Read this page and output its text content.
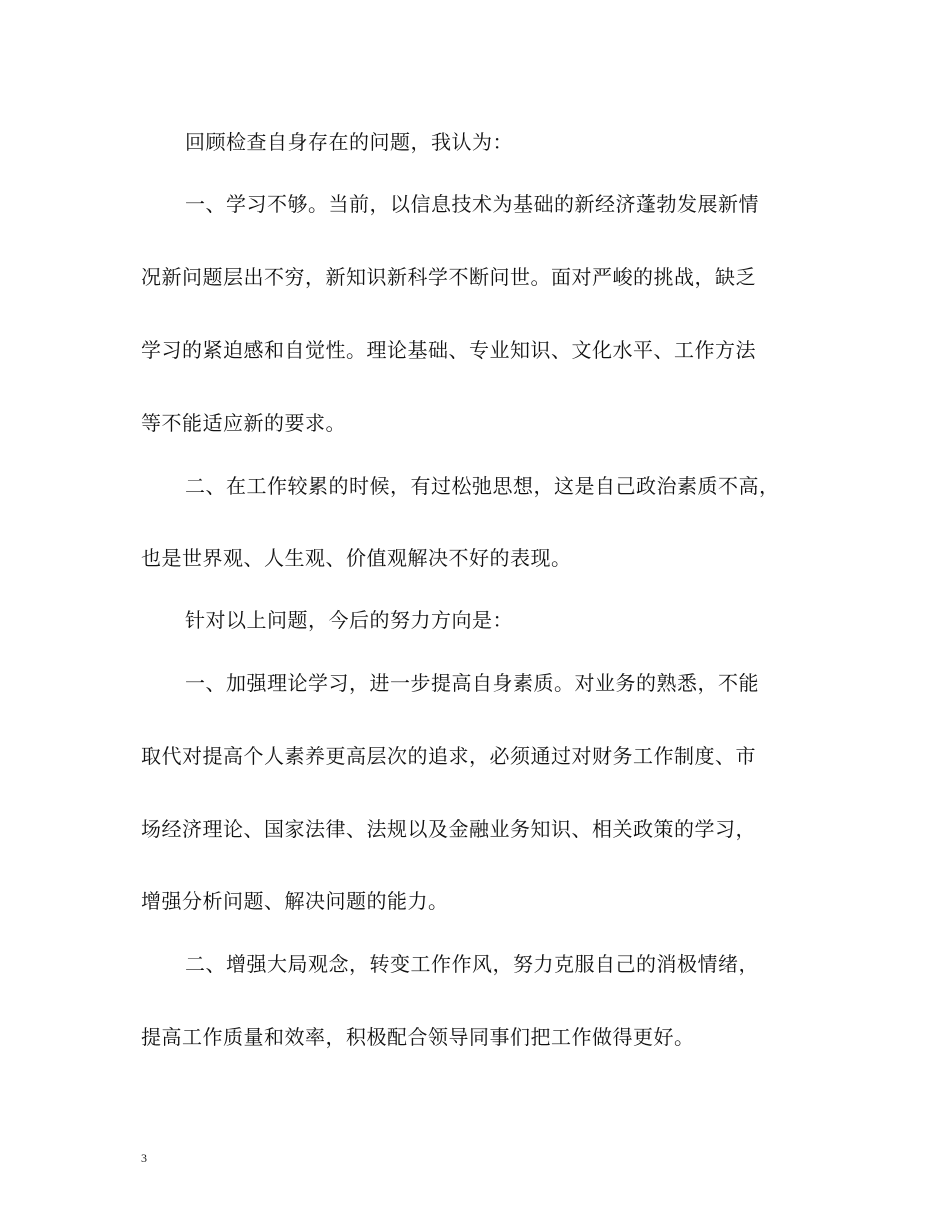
回顾检查自身存在的问题，我认为：
一、学习不够。当前，以信息技术为基础的新经济蓬勃发展新情
况新问题层出不穷，新知识新科学不断问世。面对严峻的挑战，缺乏
学习的紧迫感和自觉性。理论基础、专业知识、文化水平、工作方法
等不能适应新的要求。
二、在工作较累的时候，有过松弛思想，这是自己政治素质不高，
也是世界观、人生观、价值观解决不好的表现。
针对以上问题，今后的努力方向是：
一、加强理论学习，进一步提高自身素质。对业务的熟悉，不能
取代对提高个人素养更高层次的追求，必须通过对财务工作制度、市
场经济理论、国家法律、法规以及金融业务知识、相关政策的学习，
增强分析问题、解决问题的能力。
二、增强大局观念，转变工作作风，努力克服自己的消极情绪，
提高工作质量和效率，积极配合领导同事们把工作做得更好。
3
